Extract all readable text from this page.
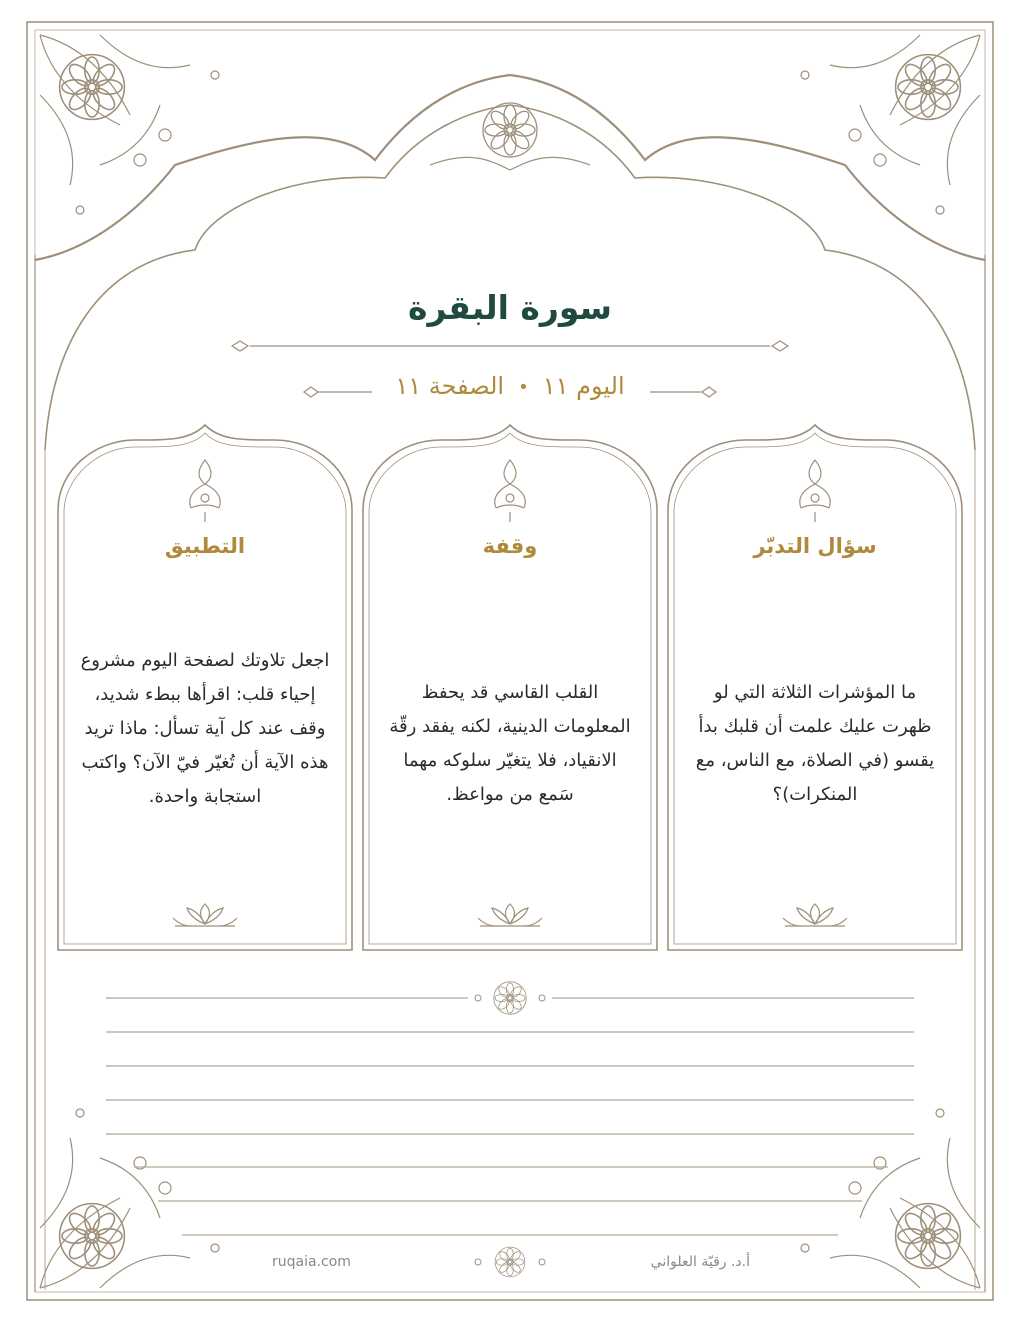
سورة البقرة
اليوم ١١•الصفحة ١١
سؤال التدبّر
ما المؤشرات الثلاثة التي لو ظهرت عليك علمت أن قلبك بدأ يقسو (في الصلاة، مع الناس، مع المنكرات)؟
وقفة
القلب القاسي قد يحفظ المعلومات الدينية، لكنه يفقد رقّة الانقياد، فلا يتغيّر سلوكه مهما سَمع من مواعظ.
التطبيق
اجعل تلاوتك لصفحة اليوم مشروع إحياء قلب: اقرأها ببطء شديد، وقف عند كل آية تسأل: ماذا تريد هذه الآية أن تُغيّر فيّ الآن؟ واكتب استجابة واحدة.
ruqaia.com	أ.د. رقيّة العلواني
